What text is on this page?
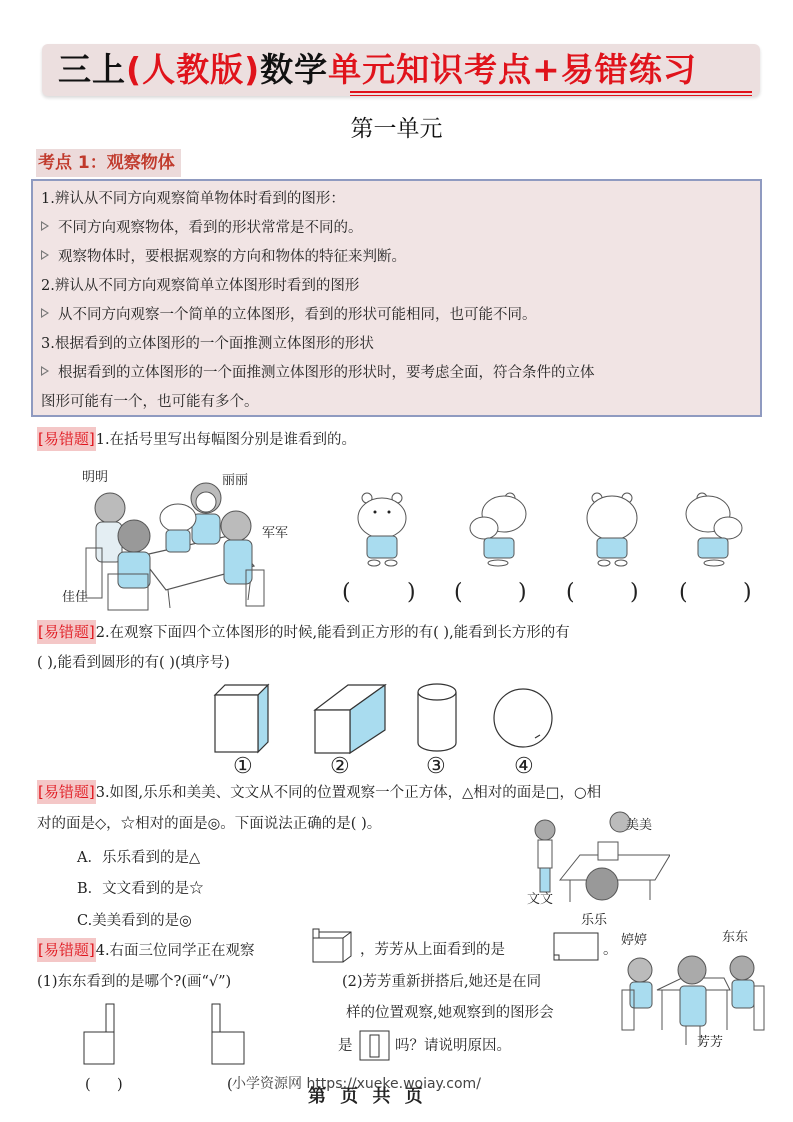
三上(人教版)数学单元知识考点+易错练习
第一单元
考点 1：观察物体
1.辨认从不同方向观察简单物体时看到的图形：
不同方向观察物体，看到的形状常常是不同的。
观察物体时，要根据观察的方向和物体的特征来判断。
2.辨认从不同方向观察简单立体图形时看到的图形
从不同方向观察一个简单的立体图形，看到的形状可能相同，也可能不同。
3.根据看到的立体图形的一个面推测立体图形的形状
根据看到的立体图形的一个面推测立体图形的形状时，要考虑全面，符合条件的立体
图形可能有一个，也可能有多个。
[易错题]1.在括号里写出每幅图分别是谁看到的。
明明	丽丽
军军
佳佳	(	) (	) (	) (	)
[易错题]2.在观察下面四个立体图形的时候,能看到正方形的有( ),能看到长方形的有
( ),能看到圆形的有( )(填序号)
①	②	③	④
[易错题]3.如图,乐乐和美美、文文从不同的位置观察一个正方体，△相对的面是□，○相
对的面是◇，☆相对的面是◎。下面说法正确的是( )。
A．乐乐看到的是△
B．文文看到的是☆
C.美美看到的是◎
美美
文文
乐乐
[易错题]4.右面三位同学正在观察	，芳芳从上面看到的是	。
(1)东东看到的是哪个?(画“√”)	(2)芳芳重新拼搭后,她还是在同
样的位置观察,她观察到的图形会
是	吗？请说明原因。
( )	(
婷婷	东东
芳芳
小学资源网 https://xueke.woiay.com/
第 页 共 页
